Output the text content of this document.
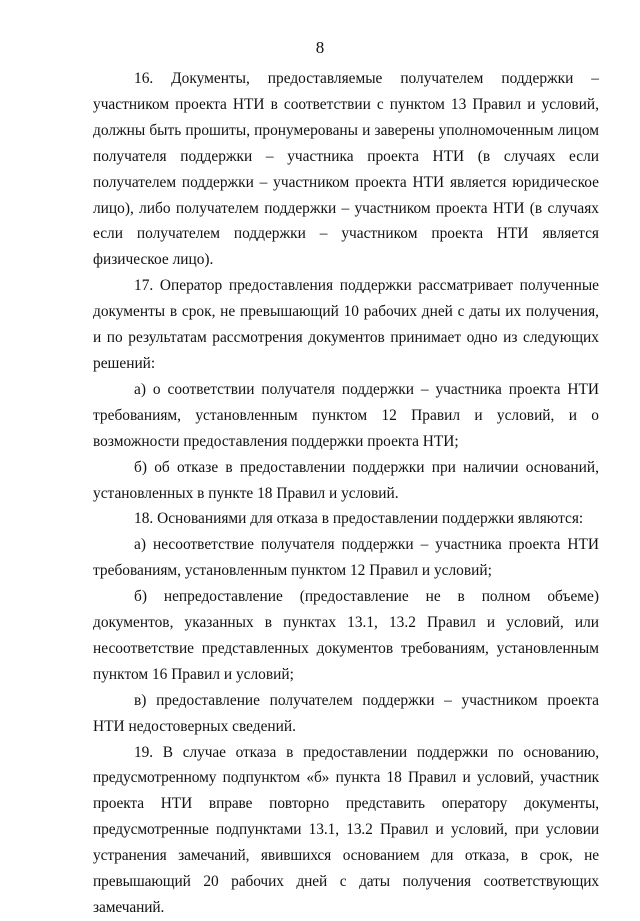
8

16. Документы, предоставляемые получателем поддержки – участником проекта НТИ в соответствии с пунктом 13 Правил и условий, должны быть прошиты, пронумерованы и заверены уполномоченным лицом получателя поддержки – участника проекта НТИ (в случаях если получателем поддержки – участником проекта НТИ является юридическое лицо), либо получателем поддержки – участником проекта НТИ (в случаях если получателем поддержки – участником проекта НТИ является физическое лицо).

17. Оператор предоставления поддержки рассматривает полученные документы в срок, не превышающий 10 рабочих дней с даты их получения, и по результатам рассмотрения документов принимает одно из следующих решений:

а) о соответствии получателя поддержки – участника проекта НТИ требованиям, установленным пунктом 12 Правил и условий, и о возможности предоставления поддержки проекта НТИ;

б) об отказе в предоставлении поддержки при наличии оснований, установленных в пункте 18 Правил и условий.

18. Основаниями для отказа в предоставлении поддержки являются:

а) несоответствие получателя поддержки – участника проекта НТИ требованиям, установленным пунктом 12 Правил и условий;

б) непредоставление (предоставление не в полном объеме) документов, указанных в пунктах 13.1, 13.2 Правил и условий, или несоответствие представленных документов требованиям, установленным пунктом 16 Правил и условий;

в) предоставление получателем поддержки – участником проекта НТИ недостоверных сведений.

19. В случае отказа в предоставлении поддержки по основанию, предусмотренному подпунктом «б» пункта 18 Правил и условий, участник проекта НТИ вправе повторно представить оператору документы, предусмотренные подпунктами 13.1, 13.2 Правил и условий, при условии устранения замечаний, явившихся основанием для отказа, в срок, не превышающий 20 рабочих дней с даты получения соответствующих замечаний.
